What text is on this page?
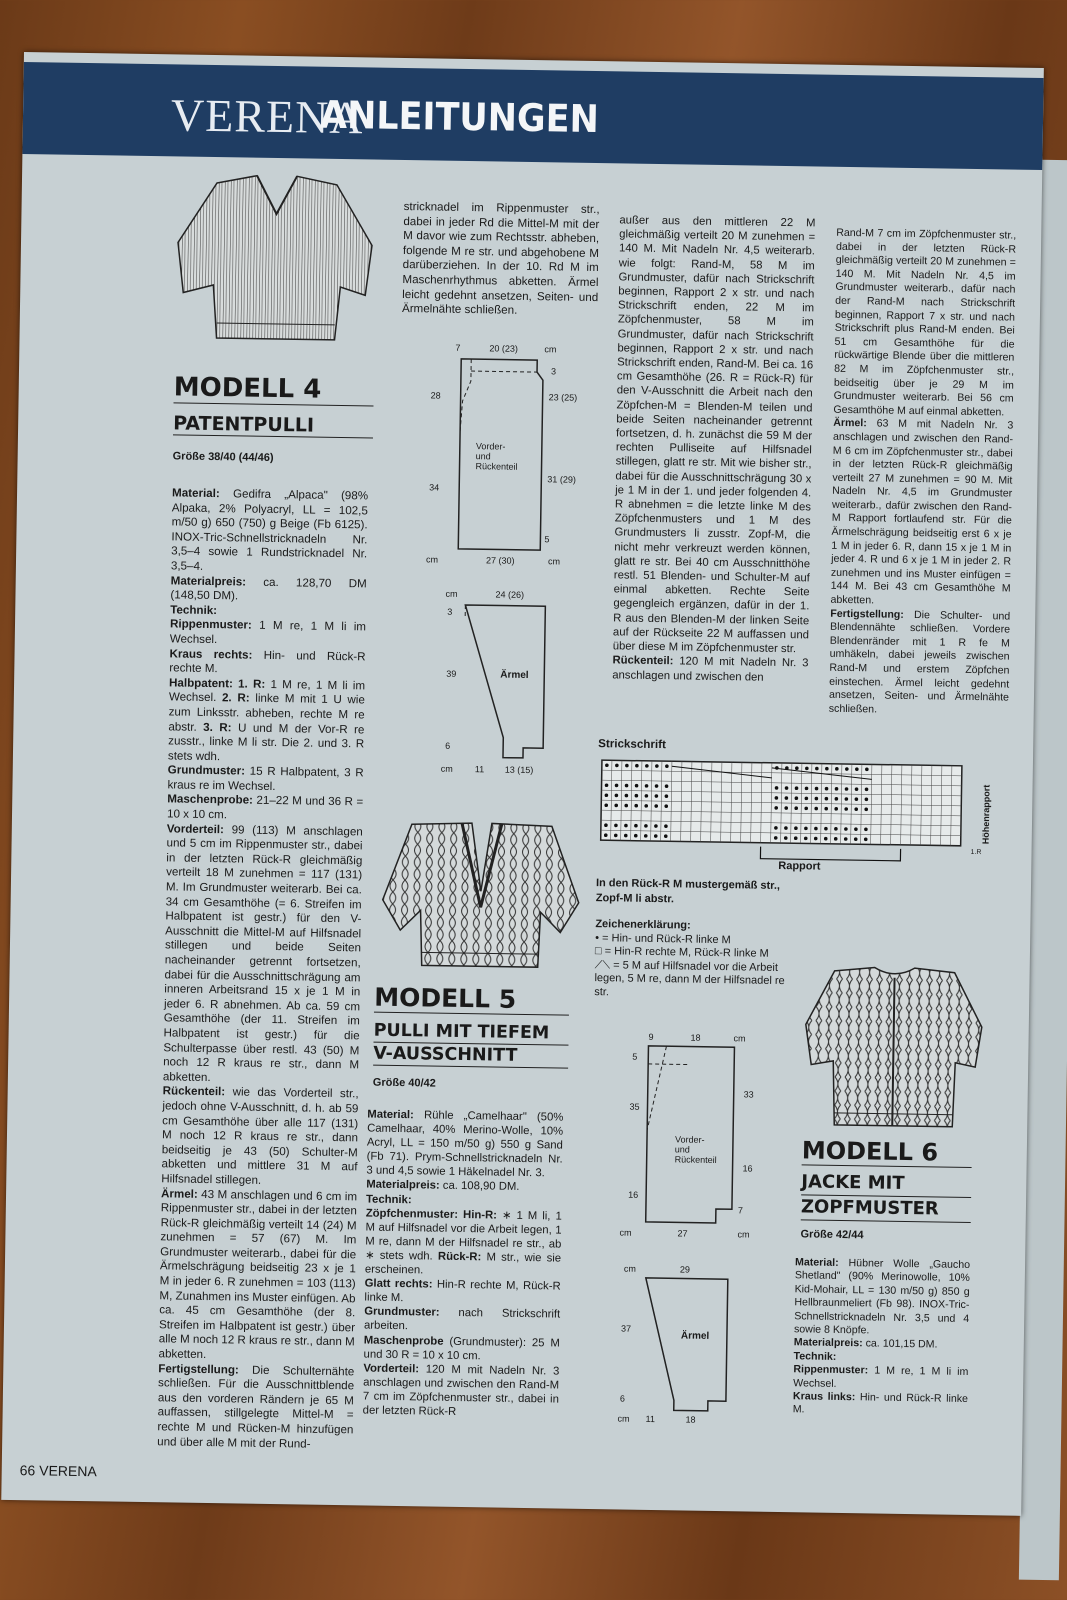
VERENA
ANLEITUNGEN
MODELL 4
PATENTPULLI
Größe 38/40 (44/46)

Material: Gedifra „Alpaca" (98% Alpaka, 2% Polyacryl, LL = 102,5 m/50 g) 650 (750) g Beige (Fb 6125). INOX-Tric-Schnellstricknadeln Nr. 3,5–4 sowie 1 Rundstricknadel Nr. 3,5–4.

Materialpreis: ca. 128,70 DM (148,50 DM).

Technik:

Rippenmuster: 1 M re, 1 M li im Wechsel.

Kraus rechts: Hin- und Rück-R rechte M.

Halbpatent: 1. R: 1 M re, 1 M li im Wechsel. 2. R: linke M mit 1 U wie zum Linksstr. abheben, rechte M re abstr. 3. R: U und M der Vor-R re zusstr., linke M li str. Die 2. und 3. R stets wdh.

Grundmuster: 15 R Halbpatent, 3 R kraus re im Wechsel.

Maschenprobe: 21–22 M und 36 R = 10 x 10 cm.

Vorderteil: 99 (113) M anschlagen und 5 cm im Rippenmuster str., dabei in der letzten Rück-R gleichmäßig verteilt 18 M zunehmen = 117 (131) M. Im Grundmuster weiterarb. Bei ca. 34 cm Gesamthöhe (= 6. Streifen im Halbpatent ist gestr.) für den V-Ausschnitt die Mittel-M auf Hilfsnadel stillegen und beide Seiten nacheinander getrennt fortsetzen, dabei für die Ausschnittschrägung am inneren Arbeitsrand 15 x je 1 M in jeder 6. R abnehmen. Ab ca. 59 cm Gesamthöhe (der 11. Streifen im Halbpatent ist gestr.) für die Schulterpasse über restl. 43 (50) M noch 12 R kraus re str., dann M abketten.

Rückenteil: wie das Vorderteil str., jedoch ohne V-Ausschnitt, d. h. ab 59 cm Gesamthöhe über alle 117 (131) M noch 12 R kraus re str., dann beidseitig je 43 (50) Schulter-M abketten und mittlere 31 M auf Hilfsnadel stillegen.

Ärmel: 43 M anschlagen und 6 cm im Rippenmuster str., dabei in der letzten Rück-R gleichmäßig verteilt 14 (24) M zunehmen = 57 (67) M. Im Grundmuster weiterarb., dabei für die Ärmelschrägung beidseitig 23 x je 1 M in jeder 6. R zunehmen = 103 (113) M, Zunahmen ins Muster einfügen. Ab ca. 45 cm Gesamthöhe (der 8. Streifen im Halbpatent ist gestr.) über alle M noch 12 R kraus re str., dann M abketten.

Fertigstellung: Die Schulternähte schließen. Für die Ausschnittblende aus den vorderen Rändern je 65 M auffassen, stillgelegte Mittel-M = rechte M und Rücken-M hinzufügen und über alle M mit der Rund-

stricknadel im Rippenmuster str., dabei in jeder Rd die Mittel-M mit der M davor wie zum Rechtsstr. abheben, folgende M re str. und abgehobene M darüberziehen. In der 10. Rd M im Maschenrhythmus abketten. Ärmel leicht gedehnt ansetzen, Seiten- und Ärmelnähte schließen.
7	20 (23)	cm
3
28	23 (25)
34
31 (29)
5
cm	27 (30)	cm
Vorder-
und
Rückenteil
cm	24 (26)
3
39
6
cm 11 13 (15)
Ärmel
MODELL 5
PULLI MIT TIEFEM
V-AUSSCHNITT
Größe 40/42

Material: Rühle „Camelhaar" (50% Camelhaar, 40% Merino-Wolle, 10% Acryl, LL = 150 m/50 g) 550 g Sand (Fb 71). Prym-Schnellstricknadeln Nr. 3 und 4,5 sowie 1 Häkelnadel Nr. 3.

Materialpreis: ca. 108,90 DM.

Technik:

Zöpfchenmuster: Hin-R: ∗ 1 M li, 1 M auf Hilfsnadel vor die Arbeit legen, 1 M re, dann M der Hilfsnadel re str., ab ∗ stets wdh. Rück-R: M str., wie sie erscheinen.

Glatt rechts: Hin-R rechte M, Rück-R linke M.

Grundmuster: nach Strickschrift arbeiten.

Maschenprobe (Grundmuster): 25 M und 30 R = 10 x 10 cm.

Vorderteil: 120 M mit Nadeln Nr. 3 anschlagen und zwischen den Rand-M 7 cm im Zöpfchenmuster str., dabei in der letzten Rück-R

außer aus den mittleren 22 M gleichmäßig verteilt 20 M zunehmen = 140 M. Mit Nadeln Nr. 4,5 weiterarb. wie folgt: Rand-M, 58 M im Grundmuster, dafür nach Strickschrift beginnen, Rapport 2 x str. und nach Strickschrift enden, 22 M im Zöpfchenmuster, 58 M im Grundmuster, dafür nach Strickschrift beginnen, Rapport 2 x str. und nach Strickschrift enden, Rand-M. Bei ca. 16 cm Gesamthöhe (26. R = Rück-R) für den V-Ausschnitt die Arbeit nach den Zöpfchen-M = Blenden-M teilen und beide Seiten nacheinander getrennt fortsetzen, d. h. zunächst die 59 M der rechten Pulliseite auf Hilfsnadel stillegen, glatt re str. Mit wie bisher str., dabei für die Ausschnittschrägung 30 x je 1 M in der 1. und jeder folgenden 4. R abnehmen = die letzte linke M des Zöpfchenmusters und 1 M des Grundmusters li zusstr. Zopf-M, die nicht mehr verkreuzt werden können, glatt re str. Bei 40 cm Ausschnitthöhe restl. 51 Blenden- und Schulter-M auf einmal abketten. Rechte Seite gegengleich ergänzen, dafür in der 1. R aus den Blenden-M der linken Seite auf der Rückseite 22 M auffassen und über diese M im Zöpfchenmuster str.

Rückenteil: 120 M mit Nadeln Nr. 3 anschlagen und zwischen den

Rand-M 7 cm im Zöpfchenmuster str., dabei in der letzten Rück-R gleichmäßig verteilt 20 M zunehmen = 140 M. Mit Nadeln Nr. 4,5 im Grundmuster weiterarb., dafür nach der Rand-M nach Strickschrift beginnen, Rapport 7 x str. und nach Strickschrift plus Rand-M enden. Bei 51 cm Gesamthöhe für die rückwärtige Blende über die mittleren 82 M im Zöpfchenmuster str., beidseitig über je 29 M im Grundmuster weiterarb. Bei 56 cm Gesamthöhe M auf einmal abketten.

Ärmel: 63 M mit Nadeln Nr. 3 anschlagen und zwischen den Rand-M 6 cm im Zöpfchenmuster str., dabei in der letzten Rück-R gleichmäßig verteilt 27 M zunehmen = 90 M. Mit Nadeln Nr. 4,5 im Grundmuster weiterarb., dafür zwischen den Rand-M Rapport fortlaufend str. Für die Ärmelschrägung beidseitig erst 6 x je 1 M in jeder 6. R, dann 15 x je 1 M in jeder 4. R und 6 x je 1 M in jeder 2. R zunehmen und ins Muster einfügen = 144 M. Bei 43 cm Gesamthöhe M abketten.

Fertigstellung: Die Schulter- und Blendennähte schließen. Vordere Blendenränder mit 1 R fe M umhäkeln, dabei jeweils zwischen Rand-M und erstem Zöpfchen einstechen. Ärmel leicht gedehnt ansetzen, Seiten- und Ärmelnähte schließen.

Strickschrift
Rapport
1.R
Höhenrapport
In den Rück-R M mustergemäß str., Zopf-M li abstr.

Zeichenerklärung:

• = Hin- und Rück-R linke M

□ = Hin-R rechte M, Rück-R linke M

⟋⟍ = 5 M auf Hilfsnadel vor die Arbeit legen, 5 M re, dann M der Hilfsnadel re str.

9	18	cm
5
35
33
16
16
7
cm	27	cm
Vorder-
und
Rückenteil
cm	29
37
6
cm 11	18
Ärmel
MODELL 6
JACKE MIT
ZOPFMUSTER
Größe 42/44

Material: Hübner Wolle „Gaucho Shetland" (90% Merinowolle, 10% Kid-Mohair, LL = 130 m/50 g) 850 g Hellbraunmeliert (Fb 98). INOX-Tric-Schnellstricknadeln Nr. 3,5 und 4 sowie 8 Knöpfe.

Materialpreis: ca. 101,15 DM.

Technik:

Rippenmuster: 1 M re, 1 M li im Wechsel.

Kraus links: Hin- und Rück-R linke M.

66 VERENA
